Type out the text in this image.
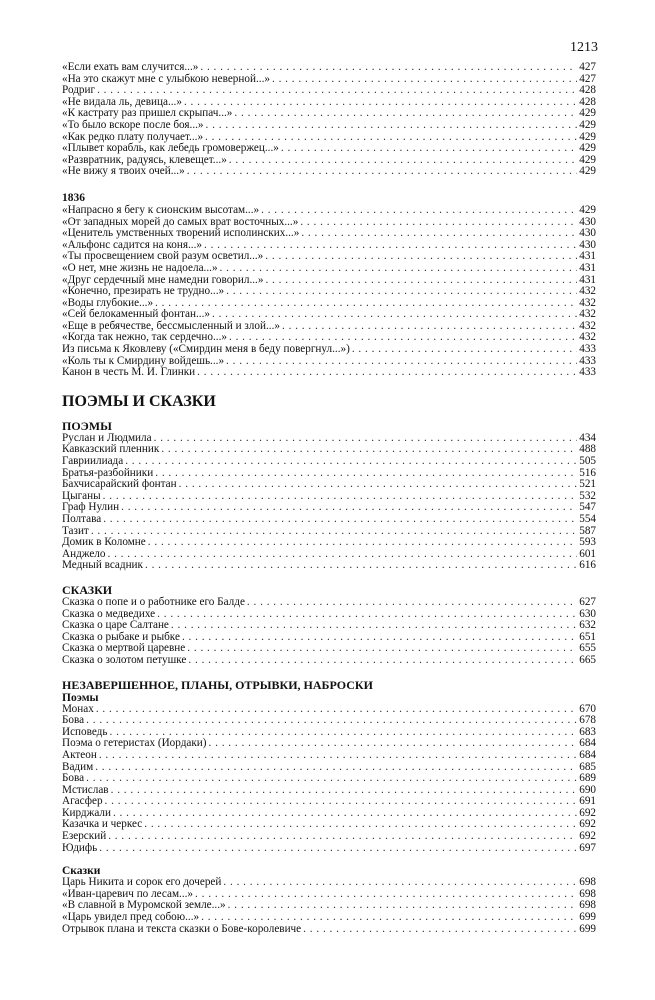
1213
«Если ехать вам случится...» . . .	427
«На это скажут мне с улыбкою неверной...» . . .	427
Родриг . . .	428
«Не видала ль, девица...» . . .	428
«К кастрату раз пришел скрыпач...» . . .	429
«То было вскоре после боя...» . . .	429
«Как редко плату получает...» . . .	429
«Плывет корабль, как лебедь громовержец...» . . .	429
«Развратник, радуясь, клевещет...» . . .	429
«Не вижу я твоих очей...» . . .	429
1836
«Напрасно я бегу к сионским высотам...» . . .	429
«От западных морей до самых врат восточных...» . . .	430
«Ценитель умственных творений исполинских...» . . .	430
«Альфонс садится на коня...» . . .	430
«Ты просвещением свой разум осветил...» . . .	431
«О нет, мне жизнь не надоела...» . . .	431
«Друг сердечный мне намедни говорил...» . . .	431
«Конечно, презирать не трудно...» . . .	432
«Воды глубокие...» . . .	432
«Сей белокаменный фонтан...» . . .	432
«Еще в ребячестве, бессмысленный и злой...» . . .	432
«Когда так нежно, так сердечно...» . . .	432
Из письма к Яковлеву («Смирдин меня в беду повергнул...») . . .	433
«Коль ты к Смирдину войдешь...» . . .	433
Канон в честь М. И. Глинки . . .	433
ПОЭМЫ И СКАЗКИ
ПОЭМЫ
Руслан и Людмила . . .	434
Кавказский пленник . . .	488
Гавриилиада . . .	505
Братья-разбойники . . .	516
Бахчисарайский фонтан . . .	521
Цыганы . . .	532
Граф Нулин . . .	547
Полтава . . .	554
Тазит . . .	587
Домик в Коломне . . .	593
Анджело . . .	601
Медный всадник . . .	616
СКАЗКИ
Сказка о попе и о работнике его Балде . . .	627
Сказка о медведихе . . .	630
Сказка о царе Салтане . . .	632
Сказка о рыбаке и рыбке . . .	651
Сказка о мертвой царевне . . .	655
Сказка о золотом петушке . . .	665
НЕЗАВЕРШЕННОЕ, ПЛАНЫ, ОТРЫВКИ, НАБРОСКИ
Поэмы
Монах . . .	670
Бова . . .	678
Исповедь . . .	683
Поэма о гетеристах (Иордаки) . . .	684
Актеон . . .	684
Вадим . . .	685
Бова . . .	689
Мстислав . . .	690
Агасфер . . .	691
Кирджали . . .	692
Казачка и черкес . . .	692
Езерский . . .	692
Юдифь . . .	697
Сказки
Царь Никита и сорок его дочерей . . .	698
«Иван-царевич по лесам...» . . .	698
«В славной в Муромской земле...» . . .	698
«Царь увидел пред собою...» . . .	699
Отрывок плана и текста сказки о Бове-королевиче . . .	699
